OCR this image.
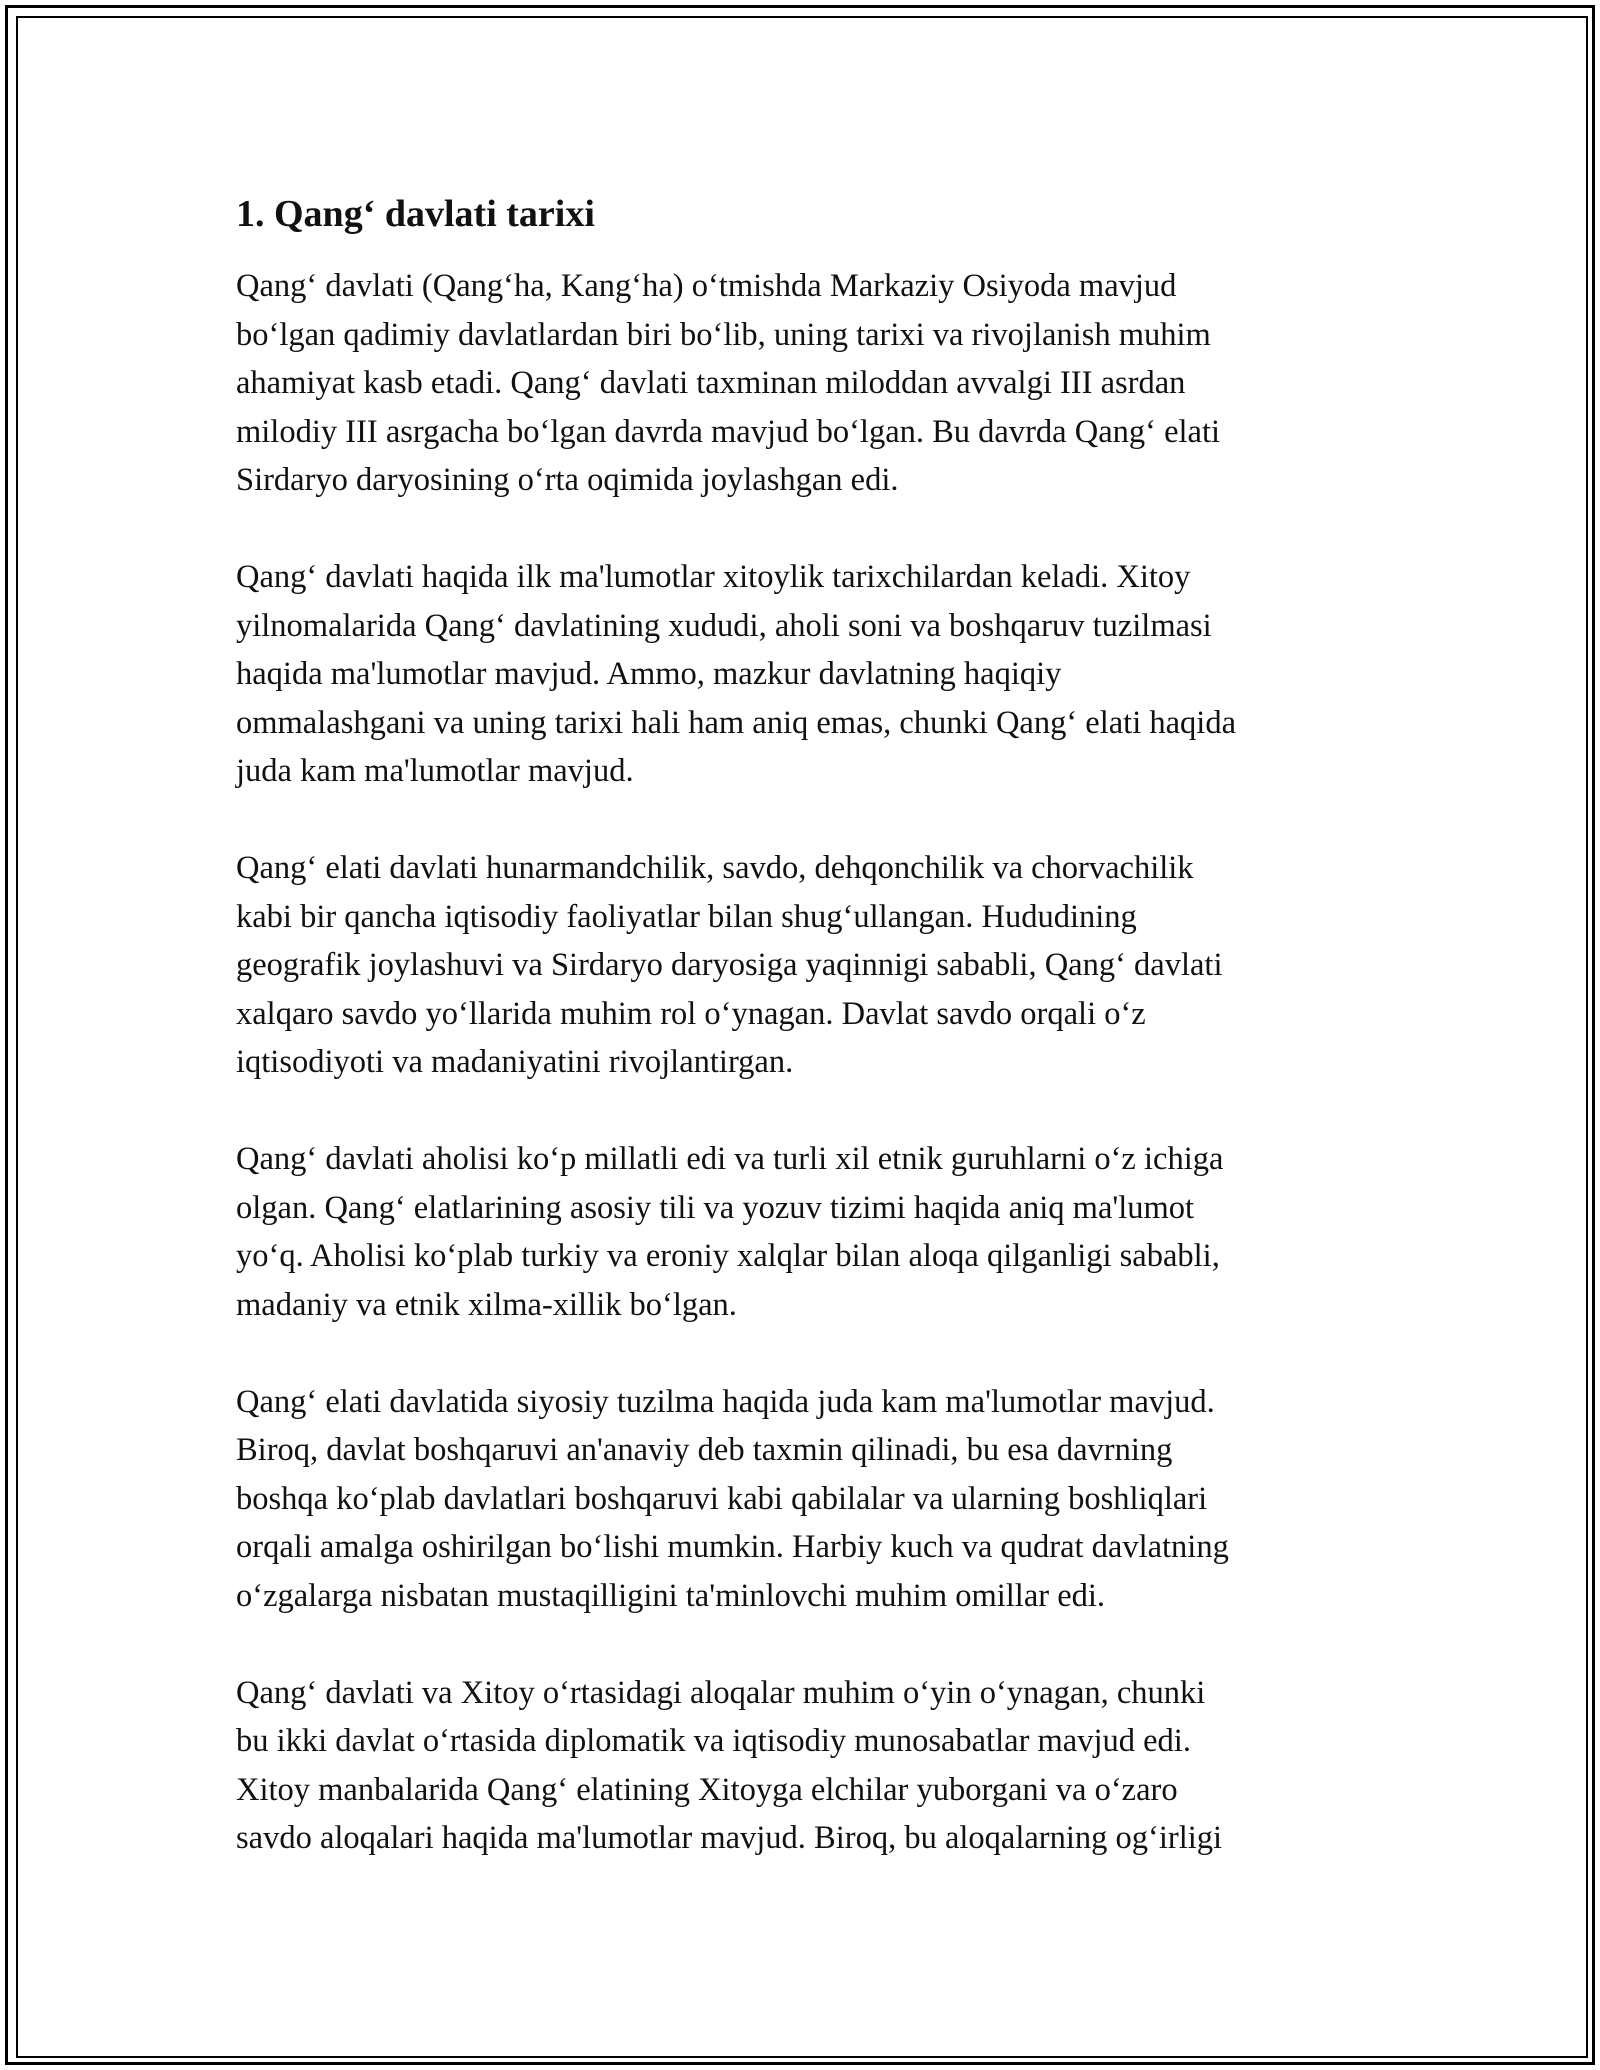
1. Qang‘ davlati tarixi

Qang‘ davlati (Qang‘ha, Kang‘ha) o‘tmishda Markaziy Osiyoda mavjud
bo‘lgan qadimiy davlatlardan biri bo‘lib, uning tarixi va rivojlanish muhim
ahamiyat kasb etadi. Qang‘ davlati taxminan miloddan avvalgi III asrdan
milodiy III asrgacha bo‘lgan davrda mavjud bo‘lgan. Bu davrda Qang‘ elati
Sirdaryo daryosining o‘rta oqimida joylashgan edi.

Qang‘ davlati haqida ilk ma'lumotlar xitoylik tarixchilardan keladi. Xitoy
yilnomalarida Qang‘ davlatining xududi, aholi soni va boshqaruv tuzilmasi
haqida ma'lumotlar mavjud. Ammo, mazkur davlatning haqiqiy
ommalashgani va uning tarixi hali ham aniq emas, chunki Qang‘ elati haqida
juda kam ma'lumotlar mavjud.

Qang‘ elati davlati hunarmandchilik, savdo, dehqonchilik va chorvachilik
kabi bir qancha iqtisodiy faoliyatlar bilan shug‘ullangan. Hududining
geografik joylashuvi va Sirdaryo daryosiga yaqinnigi sababli, Qang‘ davlati
xalqaro savdo yo‘llarida muhim rol o‘ynagan. Davlat savdo orqali o‘z
iqtisodiyoti va madaniyatini rivojlantirgan.

Qang‘ davlati aholisi ko‘p millatli edi va turli xil etnik guruhlarni o‘z ichiga
olgan. Qang‘ elatlarining asosiy tili va yozuv tizimi haqida aniq ma'lumot
yo‘q. Aholisi ko‘plab turkiy va eroniy xalqlar bilan aloqa qilganligi sababli,
madaniy va etnik xilma-xillik bo‘lgan.

Qang‘ elati davlatida siyosiy tuzilma haqida juda kam ma'lumotlar mavjud.
Biroq, davlat boshqaruvi an'anaviy deb taxmin qilinadi, bu esa davrning
boshqa ko‘plab davlatlari boshqaruvi kabi qabilalar va ularning boshliqlari
orqali amalga oshirilgan bo‘lishi mumkin. Harbiy kuch va qudrat davlatning
o‘zgalarga nisbatan mustaqilligini ta'minlovchi muhim omillar edi.

Qang‘ davlati va Xitoy o‘rtasidagi aloqalar muhim o‘yin o‘ynagan, chunki
bu ikki davlat o‘rtasida diplomatik va iqtisodiy munosabatlar mavjud edi.
Xitoy manbalarida Qang‘ elatining Xitoyga elchilar yuborgani va o‘zaro
savdo aloqalari haqida ma'lumotlar mavjud. Biroq, bu aloqalarning og‘irligi
